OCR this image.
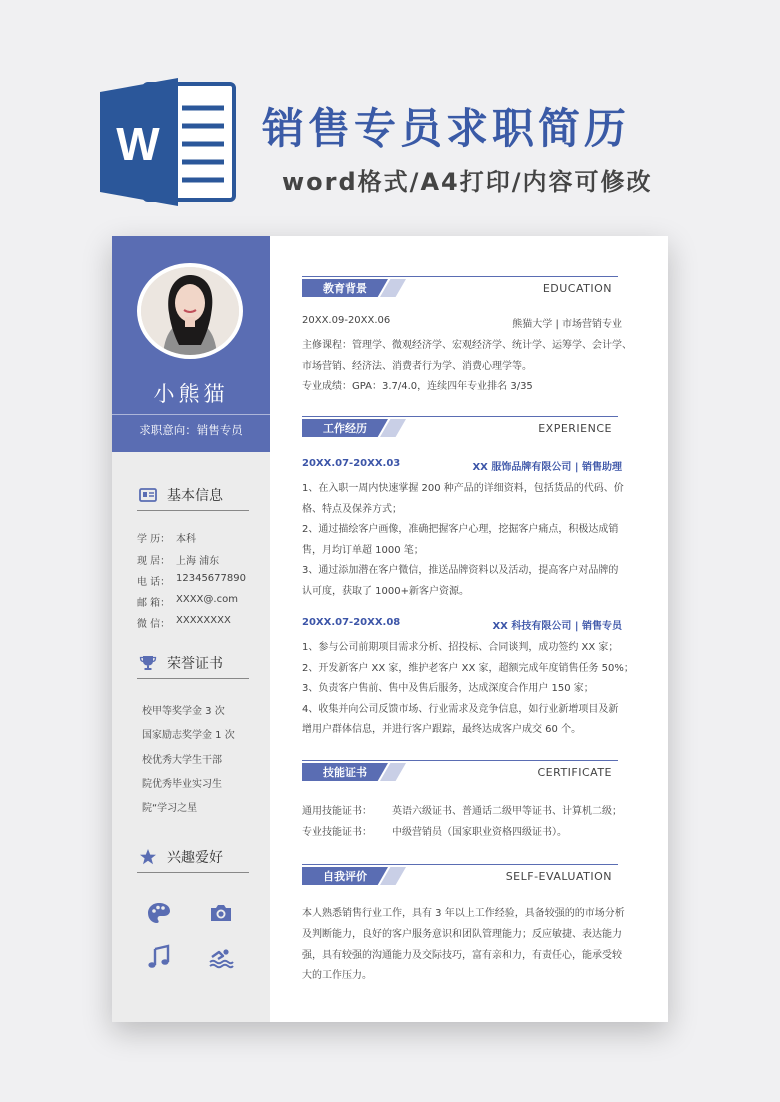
W 销售专员求职简历
word格式/A4打印/内容可修改
小熊猫
求职意向：销售专员
基本信息
学 历： 本科
现 居： 上海 浦东
电 话： 12345677890
邮 箱： XXXX@.com
微 信： XXXXXXXX
荣誉证书
校甲等奖学金 3 次
国家励志奖学金 1 次
校优秀大学生干部
院优秀毕业实习生
院“学习之星
兴趣爱好
教育背景	EDUCATION
20XX.09-20XX.06	熊猫大学 | 市场营销专业
主修课程：管理学、微观经济学、宏观经济学、统计学、运筹学、会计学、
市场营销、经济法、消费者行为学、消费心理学等。
专业成绩：GPA：3.7/4.0，连续四年专业排名 3/35
工作经历	EXPERIENCE
20XX.07-20XX.03	XX 服饰品牌有限公司 | 销售助理
1、在入职一周内快速掌握 200 种产品的详细资料，包括货品的代码、价
格、特点及保养方式；
2、通过描绘客户画像，准确把握客户心理，挖掘客户痛点，积极达成销
售，月均订单超 1000 笔；
3、通过添加潜在客户微信，推送品牌资料以及活动，提高客户对品牌的
认可度，获取了 1000+新客户资源。
20XX.07-20XX.08	XX 科技有限公司 | 销售专员
1、参与公司前期项目需求分析、招投标、合同谈判，成功签约 XX 家；
2、开发新客户 XX 家，维护老客户 XX 家，超额完成年度销售任务 50%；
3、负责客户售前、售中及售后服务，达成深度合作用户 150 家；
4、收集并向公司反馈市场、行业需求及竞争信息，如行业新增项目及新
增用户群体信息，并进行客户跟踪，最终达成客户成交 60 个。
技能证书	CERTIFICATE
通用技能证书： 英语六级证书、普通话二级甲等证书、计算机二级；
专业技能证书： 中级营销员（国家职业资格四级证书）。
自我评价	SELF-EVALUATION
本人熟悉销售行业工作，具有 3 年以上工作经验，具备较强的的市场分析
及判断能力，良好的客户服务意识和团队管理能力；反应敏捷、表达能力
强，具有较强的沟通能力及交际技巧，富有亲和力，有责任心，能承受较
大的工作压力。
